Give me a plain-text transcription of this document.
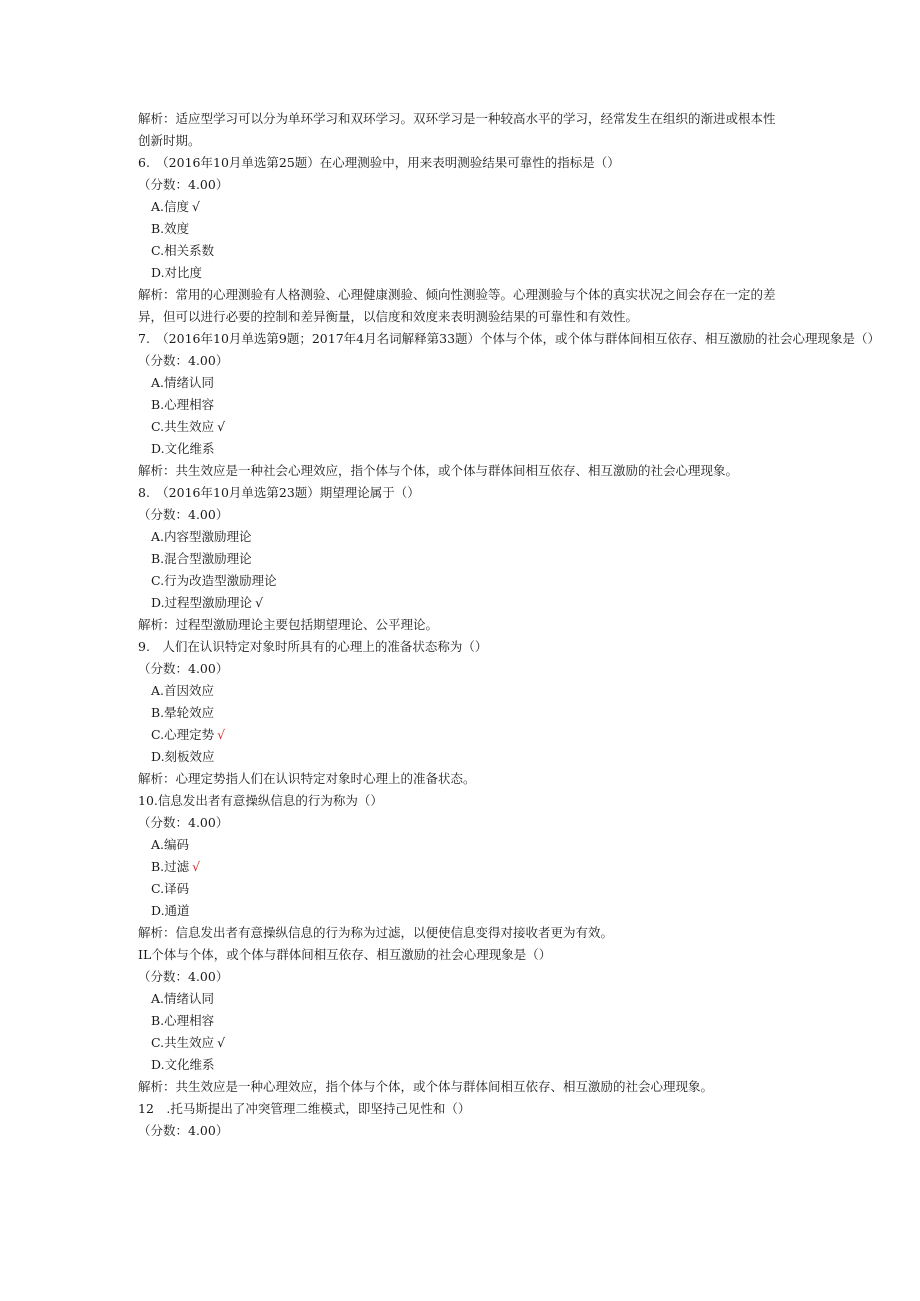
解析：适应型学习可以分为单环学习和双环学习。双环学习是一种较高水平的学习，经常发生在组织的渐进或根本性创新时期。
6.　（2016年10月单选第25题）在心理测验中，用来表明测验结果可靠性的指标是（）
（分数：4.00）
A.信度 √
B.效度
C.相关系数
D.对比度
解析：常用的心理测验有人格测验、心理健康测验、倾向性测验等。心理测验与个体的真实状况之间会存在一定的差异，但可以进行必要的控制和差异衡量，以信度和效度来表明测验结果的可靠性和有效性。
7.　（2016年10月单选第9题；2017年4月名词解释第33题）个体与个体，或个体与群体间相互依存、相互激励的社会心理现象是（）
（分数：4.00）
A.情绪认同
B.心理相容
C.共生效应 √
D.文化维系
解析：共生效应是一种社会心理效应，指个体与个体，或个体与群体间相互依存、相互激励的社会心理现象。
8.　（2016年10月单选第23题）期望理论属于（）
（分数：4.00）
A.内容型激励理论
B.混合型激励理论
C.行为改造型激励理论
D.过程型激励理论 √
解析：过程型激励理论主要包括期望理论、公平理论。
9.　人们在认识特定对象时所具有的心理上的准备状态称为（）
（分数：4.00）
A.首因效应
B.晕轮效应
C.心理定势 √
D.刻板效应
解析：心理定势指人们在认识特定对象时心理上的准备状态。
10.信息发出者有意操纵信息的行为称为（）
（分数：4.00）
A.编码
B.过滤 √
C.译码
D.通道
解析：信息发出者有意操纵信息的行为称为过滤，以便使信息变得对接收者更为有效。
IL个体与个体，或个体与群体间相互依存、相互激励的社会心理现象是（）
（分数：4.00）
A.情绪认同
B.心理相容
C.共生效应 √
D.文化维系
解析：共生效应是一种心理效应，指个体与个体，或个体与群体间相互依存、相互激励的社会心理现象。
12　.托马斯提出了冲突管理二维模式，即坚持己见性和（）
（分数：4.00）
